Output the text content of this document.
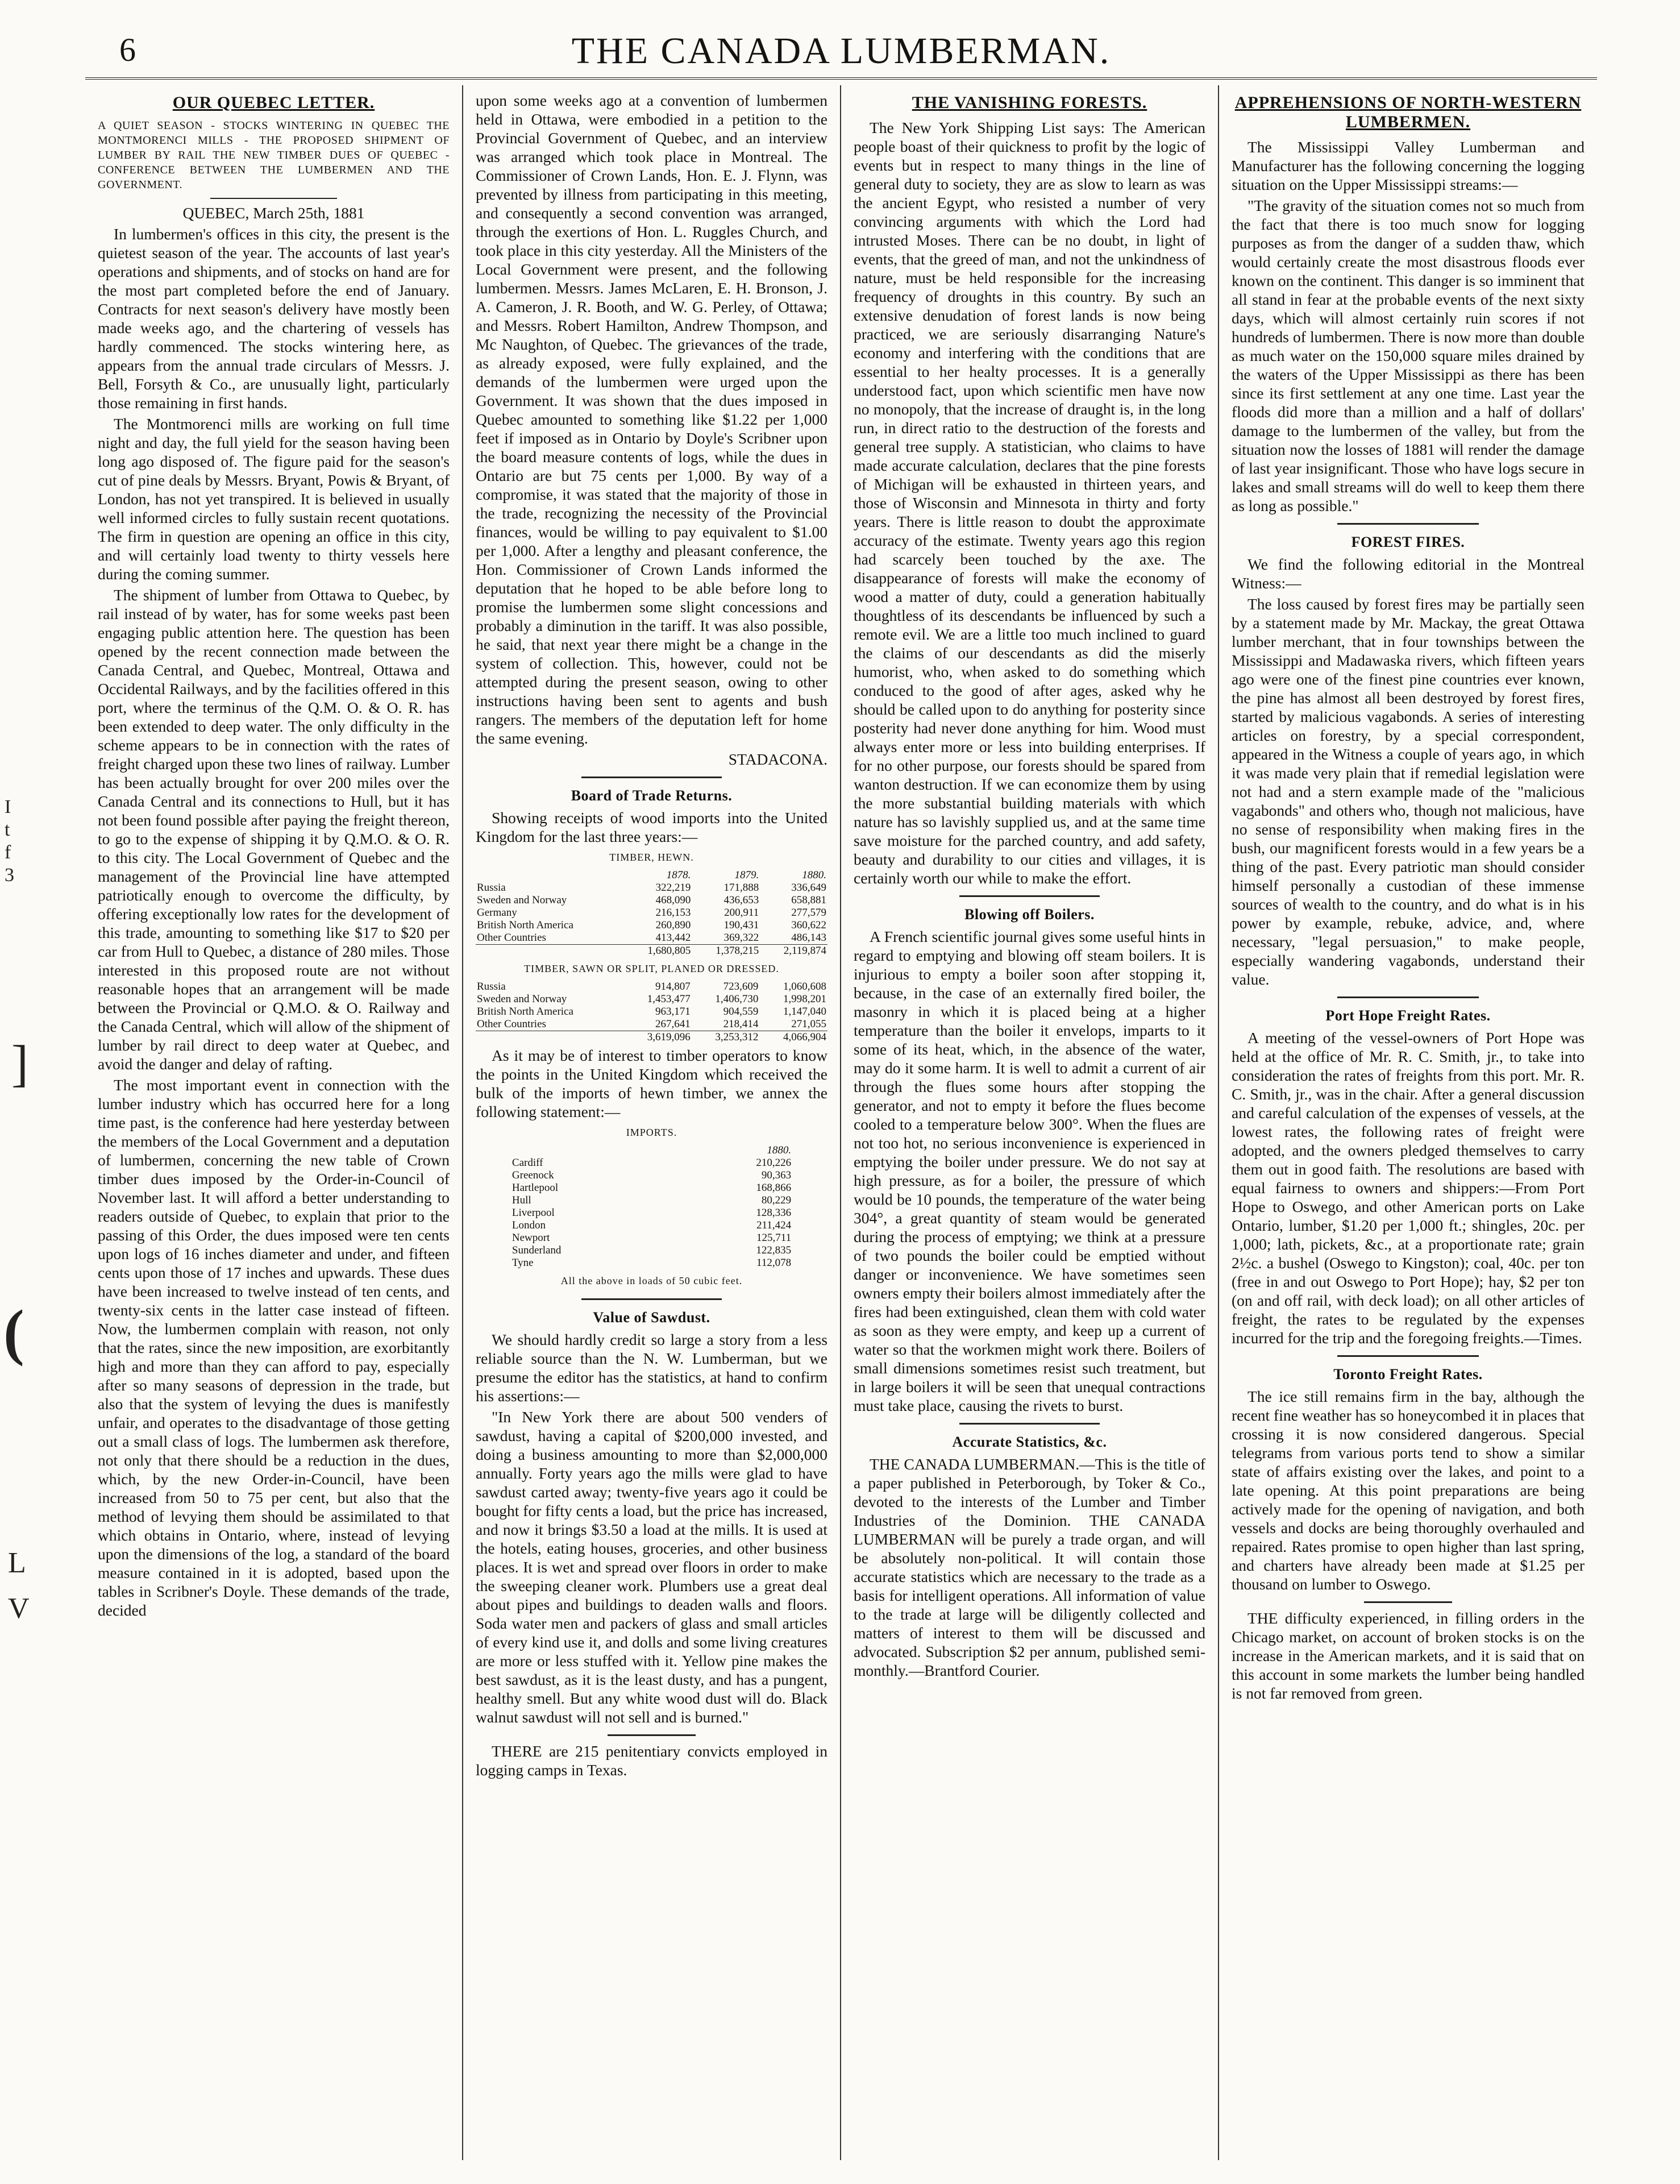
I t f 3
]
(
L
V
6	THE CANADA LUMBERMAN.
OUR QUEBEC LETTER.
A QUIET SEASON - STOCKS WINTERING IN QUEBEC THE MONTMORENCI MILLS - THE PROPOSED SHIPMENT OF LUMBER BY RAIL THE NEW TIMBER DUES OF QUEBEC - CONFERENCE BETWEEN THE LUMBERMEN AND THE GOVERNMENT.
QUEBEC, March 25th, 1881

In lumbermen's offices in this city, the present is the quietest season of the year. The accounts of last year's operations and shipments, and of stocks on hand are for the most part completed before the end of January. Contracts for next season's delivery have mostly been made weeks ago, and the chartering of vessels has hardly commenced. The stocks wintering here, as appears from the annual trade circulars of Messrs. J. Bell, Forsyth & Co., are unusually light, particularly those remaining in first hands.

The Montmorenci mills are working on full time night and day, the full yield for the season having been long ago disposed of. The figure paid for the season's cut of pine deals by Messrs. Bryant, Powis & Bryant, of London, has not yet transpired. It is believed in usually well informed circles to fully sustain recent quotations. The firm in question are opening an office in this city, and will certainly load twenty to thirty vessels here during the coming summer.

The shipment of lumber from Ottawa to Quebec, by rail instead of by water, has for some weeks past been engaging public attention here. The question has been opened by the recent connection made between the Canada Central, and Quebec, Montreal, Ottawa and Occidental Railways, and by the facilities offered in this port, where the terminus of the Q.M. O. & O. R. has been extended to deep water. The only difficulty in the scheme appears to be in connection with the rates of freight charged upon these two lines of railway. Lumber has been actually brought for over 200 miles over the Canada Central and its connections to Hull, but it has not been found possible after paying the freight thereon, to go to the expense of shipping it by Q.M.O. & O. R. to this city. The Local Government of Quebec and the management of the Provincial line have attempted patriotically enough to overcome the difficulty, by offering exceptionally low rates for the development of this trade, amounting to something like $17 to $20 per car from Hull to Quebec, a distance of 280 miles. Those interested in this proposed route are not without reasonable hopes that an arrangement will be made between the Provincial or Q.M.O. & O. Railway and the Canada Central, which will allow of the shipment of lumber by rail direct to deep water at Quebec, and avoid the danger and delay of rafting.

The most important event in connection with the lumber industry which has occurred here for a long time past, is the conference had here yesterday between the members of the Local Government and a deputation of lumbermen, concerning the new table of Crown timber dues imposed by the Order-in-Council of November last. It will afford a better understanding to readers outside of Quebec, to explain that prior to the passing of this Order, the dues imposed were ten cents upon logs of 16 inches diameter and under, and fifteen cents upon those of 17 inches and upwards. These dues have been increased to twelve instead of ten cents, and twenty-six cents in the latter case instead of fifteen. Now, the lumbermen complain with reason, not only that the rates, since the new imposition, are exorbitantly high and more than they can afford to pay, especially after so many seasons of depression in the trade, but also that the system of levying the dues is manifestly unfair, and operates to the disadvantage of those getting out a small class of logs. The lumbermen ask therefore, not only that there should be a reduction in the dues, which, by the new Order-in-Council, have been increased from 50 to 75 per cent, but also that the method of levying them should be assimilated to that which obtains in Ontario, where, instead of levying upon the dimensions of the log, a standard of the board measure contained in it is adopted, based upon the tables in Scribner's Doyle. These demands of the trade, decided

upon some weeks ago at a convention of lumbermen held in Ottawa, were embodied in a petition to the Provincial Government of Quebec, and an interview was arranged which took place in Montreal. The Commissioner of Crown Lands, Hon. E. J. Flynn, was prevented by illness from participating in this meeting, and consequently a second convention was arranged, through the exertions of Hon. L. Ruggles Church, and took place in this city yesterday. All the Ministers of the Local Government were present, and the following lumbermen. Messrs. James McLaren, E. H. Bronson, J. A. Cameron, J. R. Booth, and W. G. Perley, of Ottawa; and Messrs. Robert Hamilton, Andrew Thompson, and Mc Naughton, of Quebec. The grievances of the trade, as already exposed, were fully explained, and the demands of the lumbermen were urged upon the Government. It was shown that the dues imposed in Quebec amounted to something like $1.22 per 1,000 feet if imposed as in Ontario by Doyle's Scribner upon the board measure contents of logs, while the dues in Ontario are but 75 cents per 1,000. By way of a compromise, it was stated that the majority of those in the trade, recognizing the necessity of the Provincial finances, would be willing to pay equivalent to $1.00 per 1,000. After a lengthy and pleasant conference, the Hon. Commissioner of Crown Lands informed the deputation that he hoped to be able before long to promise the lumbermen some slight concessions and probably a diminution in the tariff. It was also possible, he said, that next year there might be a change in the system of collection. This, however, could not be attempted during the present season, owing to other instructions having been sent to agents and bush rangers. The members of the deputation left for home the same evening.

STADACONA.
Board of Trade Returns.

Showing receipts of wood imports into the United Kingdom for the last three years:—

TIMBER, HEWN.
	1878.	1879.	1880.
Russia	322,219	171,888	336,649
Sweden and Norway	468,090	436,653	658,881
Germany	216,153	200,911	277,579
British North America	260,890	190,431	360,622
Other Countries	413,442	369,322	486,143
	1,680,805	1,378,215	2,119,874
TIMBER, SAWN OR SPLIT, PLANED OR DRESSED.
Russia	914,807	723,609	1,060,608
Sweden and Norway	1,453,477	1,406,730	1,998,201
British North America	963,171	904,559	1,147,040
Other Countries	267,641	218,414	271,055
	3,619,096	3,253,312	4,066,904

As it may be of interest to timber operators to know the points in the United Kingdom which received the bulk of the imports of hewn timber, we annex the following statement:—

IMPORTS.
	1880.
Cardiff	210,226
Greenock	90,363
Hartlepool	168,866
Hull	80,229
Liverpool	128,336
London	211,424
Newport	125,711
Sunderland	122,835
Tyne	112,078
All the above in loads of 50 cubic feet.
Value of Sawdust.

We should hardly credit so large a story from a less reliable source than the N. W. Lumberman, but we presume the editor has the statistics, at hand to confirm his assertions:—

"In New York there are about 500 venders of sawdust, having a capital of $200,000 invested, and doing a business amounting to more than $2,000,000 annually. Forty years ago the mills were glad to have sawdust carted away; twenty-five years ago it could be bought for fifty cents a load, but the price has increased, and now it brings $3.50 a load at the mills. It is used at the hotels, eating houses, groceries, and other business places. It is wet and spread over floors in order to make the sweeping cleaner work. Plumbers use a great deal about pipes and buildings to deaden walls and floors. Soda water men and packers of glass and small articles of every kind use it, and dolls and some living creatures are more or less stuffed with it. Yellow pine makes the best sawdust, as it is the least dusty, and has a pungent, healthy smell. But any white wood dust will do. Black walnut sawdust will not sell and is burned."

THERE are 215 penitentiary convicts employed in logging camps in Texas.

THE VANISHING FORESTS.

The New York Shipping List says: The American people boast of their quickness to profit by the logic of events but in respect to many things in the line of general duty to society, they are as slow to learn as was the ancient Egypt, who resisted a number of very convincing arguments with which the Lord had intrusted Moses. There can be no doubt, in light of events, that the greed of man, and not the unkindness of nature, must be held responsible for the increasing frequency of droughts in this country. By such an extensive denudation of forest lands is now being practiced, we are seriously disarranging Nature's economy and interfering with the conditions that are essential to her healty processes. It is a generally understood fact, upon which scientific men have now no monopoly, that the increase of draught is, in the long run, in direct ratio to the destruction of the forests and general tree supply. A statistician, who claims to have made accurate calculation, declares that the pine forests of Michigan will be exhausted in thirteen years, and those of Wisconsin and Minnesota in thirty and forty years. There is little reason to doubt the approximate accuracy of the estimate. Twenty years ago this region had scarcely been touched by the axe. The disappearance of forests will make the economy of wood a matter of duty, could a generation habitually thoughtless of its descendants be influenced by such a remote evil. We are a little too much inclined to guard the claims of our descendants as did the miserly humorist, who, when asked to do something which conduced to the good of after ages, asked why he should be called upon to do anything for posterity since posterity had never done anything for him. Wood must always enter more or less into building enterprises. If for no other purpose, our forests should be spared from wanton destruction. If we can economize them by using the more substantial building materials with which nature has so lavishly supplied us, and at the same time save moisture for the parched country, and add safety, beauty and durability to our cities and villages, it is certainly worth our while to make the effort.

Blowing off Boilers.

A French scientific journal gives some useful hints in regard to emptying and blowing off steam boilers. It is injurious to empty a boiler soon after stopping it, because, in the case of an externally fired boiler, the masonry in which it is placed being at a higher temperature than the boiler it envelops, imparts to it some of its heat, which, in the absence of the water, may do it some harm. It is well to admit a current of air through the flues some hours after stopping the generator, and not to empty it before the flues become cooled to a temperature below 300°. When the flues are not too hot, no serious inconvenience is experienced in emptying the boiler under pressure. We do not say at high pressure, as for a boiler, the pressure of which would be 10 pounds, the temperature of the water being 304°, a great quantity of steam would be generated during the process of emptying; we think at a pressure of two pounds the boiler could be emptied without danger or inconvenience. We have sometimes seen owners empty their boilers almost immediately after the fires had been extinguished, clean them with cold water as soon as they were empty, and keep up a current of water so that the workmen might work there. Boilers of small dimensions sometimes resist such treatment, but in large boilers it will be seen that unequal contractions must take place, causing the rivets to burst.

Accurate Statistics, &c.

THE CANADA LUMBERMAN.—This is the title of a paper published in Peterborough, by Toker & Co., devoted to the interests of the Lumber and Timber Industries of the Dominion. THE CANADA LUMBERMAN will be purely a trade organ, and will be absolutely non-political. It will contain those accurate statistics which are necessary to the trade as a basis for intelligent operations. All information of value to the trade at large will be diligently collected and matters of interest to them will be discussed and advocated. Subscription $2 per annum, published semi-monthly.—Brantford Courier.

APPREHENSIONS OF NORTH-WESTERN LUMBERMEN.

The Mississippi Valley Lumberman and Manufacturer has the following concerning the logging situation on the Upper Mississippi streams:—

"The gravity of the situation comes not so much from the fact that there is too much snow for logging purposes as from the danger of a sudden thaw, which would certainly create the most disastrous floods ever known on the continent. This danger is so imminent that all stand in fear at the probable events of the next sixty days, which will almost certainly ruin scores if not hundreds of lumbermen. There is now more than double as much water on the 150,000 square miles drained by the waters of the Upper Mississippi as there has been since its first settlement at any one time. Last year the floods did more than a million and a half of dollars' damage to the lumbermen of the valley, but from the situation now the losses of 1881 will render the damage of last year insignificant. Those who have logs secure in lakes and small streams will do well to keep them there as long as possible."

FOREST FIRES.

We find the following editorial in the Montreal Witness:—

The loss caused by forest fires may be partially seen by a statement made by Mr. Mackay, the great Ottawa lumber merchant, that in four townships between the Mississippi and Madawaska rivers, which fifteen years ago were one of the finest pine countries ever known, the pine has almost all been destroyed by forest fires, started by malicious vagabonds. A series of interesting articles on forestry, by a special correspondent, appeared in the Witness a couple of years ago, in which it was made very plain that if remedial legislation were not had and a stern example made of the "malicious vagabonds" and others who, though not malicious, have no sense of responsibility when making fires in the bush, our magnificent forests would in a few years be a thing of the past. Every patriotic man should consider himself personally a custodian of these immense sources of wealth to the country, and do what is in his power by example, rebuke, advice, and, where necessary, "legal persuasion," to make people, especially wandering vagabonds, understand their value.

Port Hope Freight Rates.

A meeting of the vessel-owners of Port Hope was held at the office of Mr. R. C. Smith, jr., to take into consideration the rates of freights from this port. Mr. R. C. Smith, jr., was in the chair. After a general discussion and careful calculation of the expenses of vessels, at the lowest rates, the following rates of freight were adopted, and the owners pledged themselves to carry them out in good faith. The resolutions are based with equal fairness to owners and shippers:—From Port Hope to Oswego, and other American ports on Lake Ontario, lumber, $1.20 per 1,000 ft.; shingles, 20c. per 1,000; lath, pickets, &c., at a proportionate rate; grain 2½c. a bushel (Oswego to Kingston); coal, 40c. per ton (free in and out Oswego to Port Hope); hay, $2 per ton (on and off rail, with deck load); on all other articles of freight, the rates to be regulated by the expenses incurred for the trip and the foregoing freights.—Times.

Toronto Freight Rates.

The ice still remains firm in the bay, although the recent fine weather has so honeycombed it in places that crossing it is now considered dangerous. Special telegrams from various ports tend to show a similar state of affairs existing over the lakes, and point to a late opening. At this point preparations are being actively made for the opening of navigation, and both vessels and docks are being thoroughly overhauled and repaired. Rates promise to open higher than last spring, and charters have already been made at $1.25 per thousand on lumber to Oswego.

THE difficulty experienced, in filling orders in the Chicago market, on account of broken stocks is on the increase in the American markets, and it is said that on this account in some markets the lumber being handled is not far removed from green.
